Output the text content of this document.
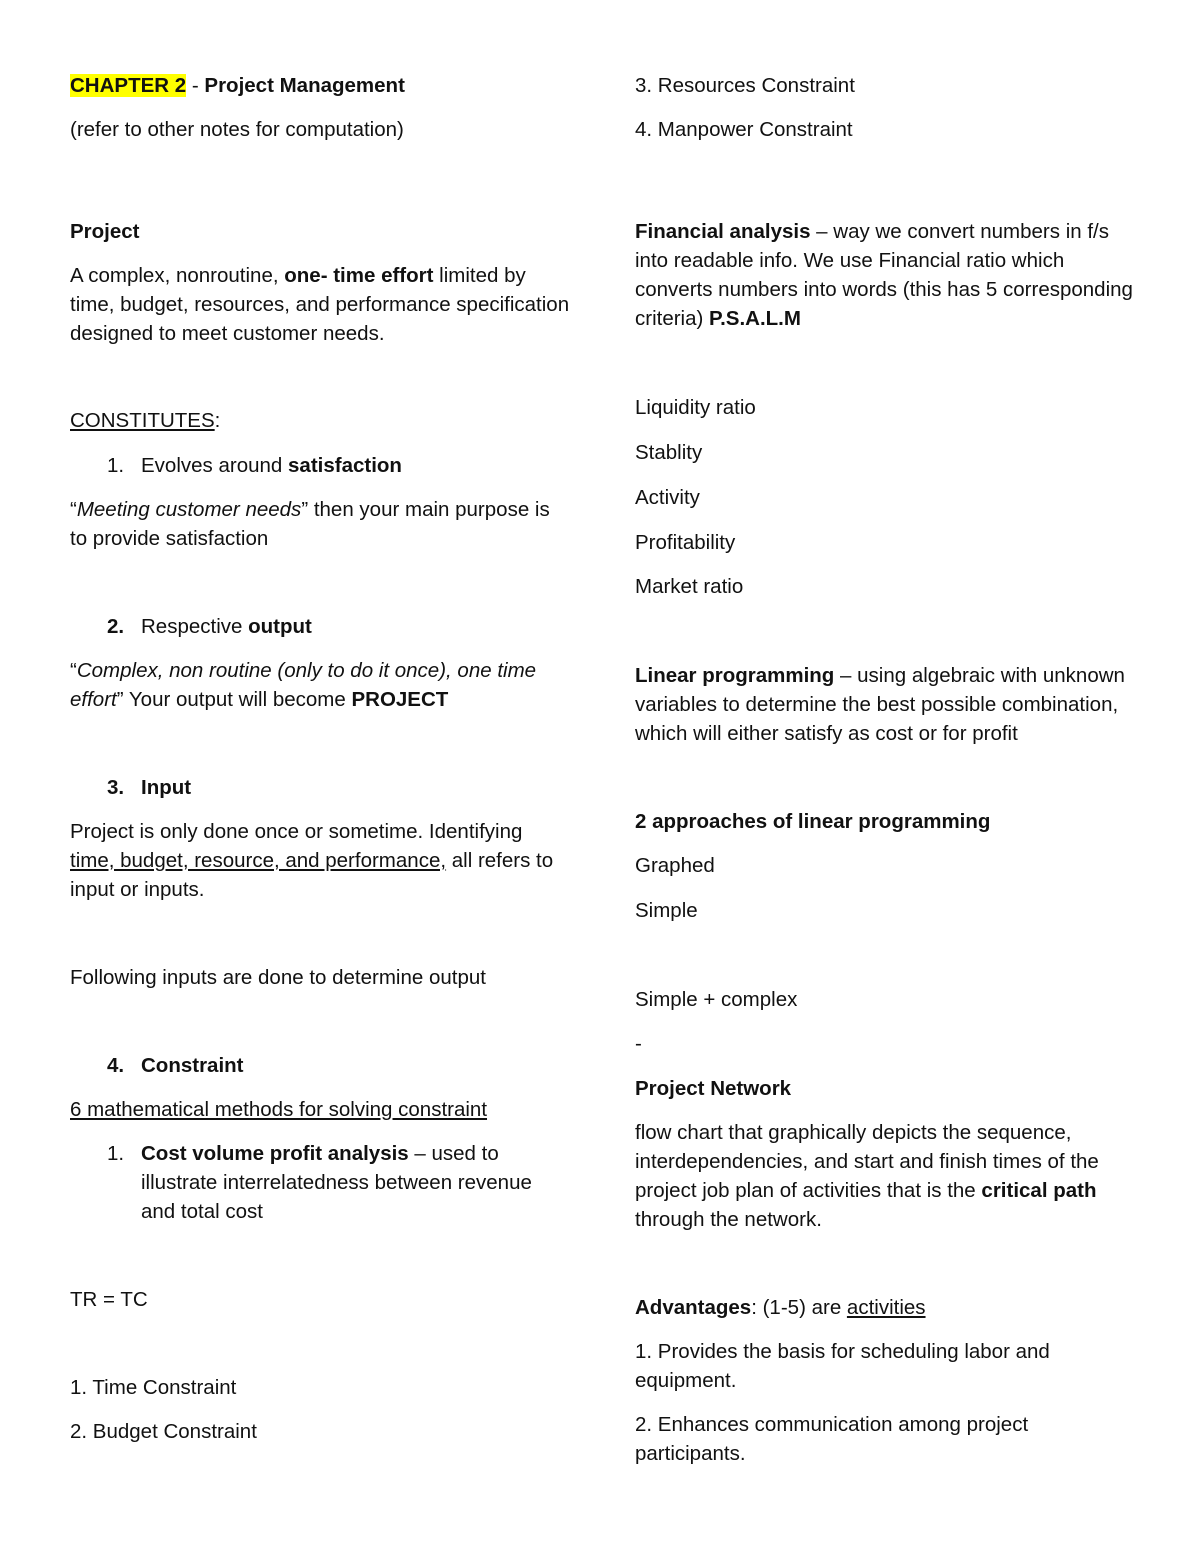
CHAPTER 2 - Project Management

(refer to other notes for computation)

Project

A complex, nonroutine, one- time effort limited by time, budget, resources, and performance specification designed to meet customer needs.

CONSTITUTES:

1. Evolves around satisfaction

“Meeting customer needs” then your main purpose is to provide satisfaction

2. Respective output

“Complex, non routine (only to do it once), one time effort” Your output will become PROJECT

3. Input

Project is only done once or sometime. Identifying time, budget, resource, and performance, all refers to input or inputs.

Following inputs are done to determine output

4. Constraint

6 mathematical methods for solving constraint

1. Cost volume profit analysis – used to illustrate interrelatedness between revenue and total cost

TR = TC

1. Time Constraint

2. Budget Constraint

3. Resources Constraint

4. Manpower Constraint

Financial analysis – way we convert numbers in f/s into readable info. We use Financial ratio which converts numbers into words (this has 5 corresponding criteria) P.S.A.L.M

Liquidity ratio

Stablity

Activity

Profitability

Market ratio

Linear programming – using algebraic with unknown variables to determine the best possible combination, which will either satisfy as cost or for profit

2 approaches of linear programming

Graphed

Simple

Simple + complex

-

Project Network

flow chart that graphically depicts the sequence, interdependencies, and start and finish times of the project job plan of activities that is the critical path through the network.

Advantages: (1-5) are activities

1. Provides the basis for scheduling labor and equipment.

2. Enhances communication among project participants.
